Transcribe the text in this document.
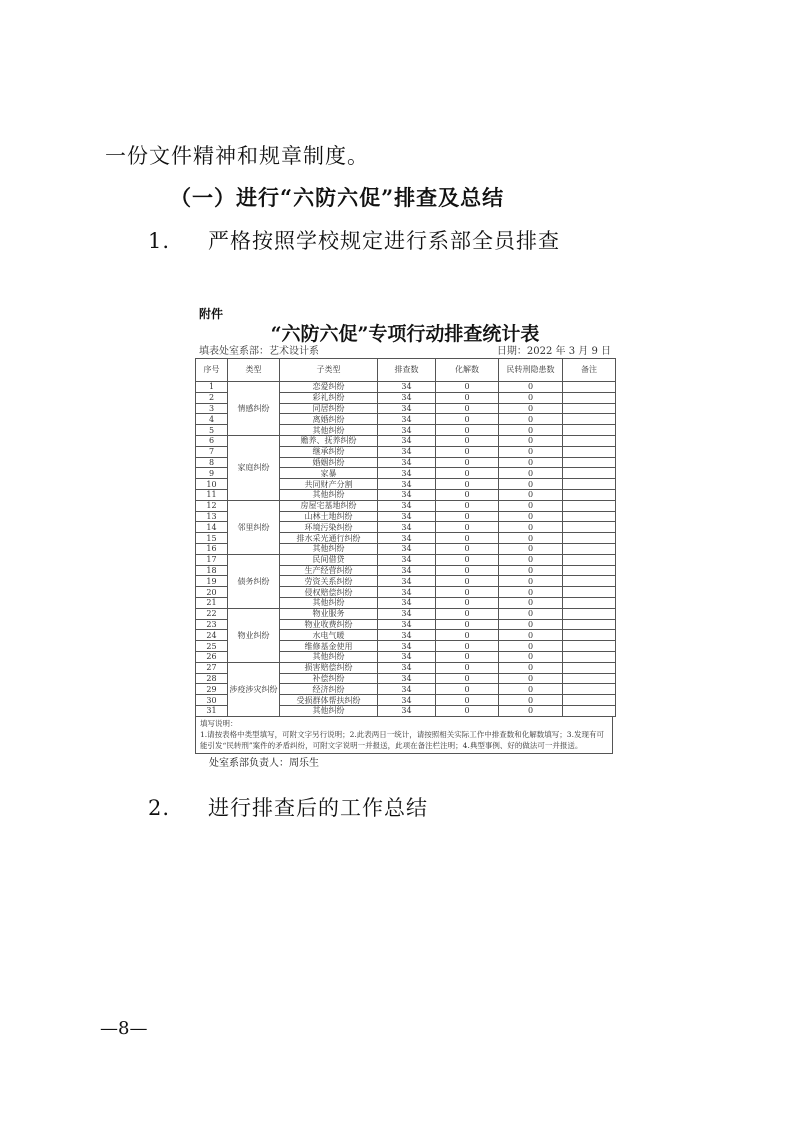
一份文件精神和规章制度。
（一）进行“六防六促”排查及总结
1. 严格按照学校规定进行系部全员排查
附件
“六防六促”专项行动排查统计表
填表处室系部：艺术设计系	日期：2022 年 3 月 9 日
序号	类型	子类型	排查数	化解数	民转刑隐患数	备注
1	情感纠纷	恋爱纠纷	34	0	0	
2		彩礼纠纷	34	0	0	
3		同居纠纷	34	0	0	
4		离婚纠纷	34	0	0	
5		其他纠纷	34	0	0	
6	家庭纠纷	赡养、抚养纠纷	34	0	0	
7		继承纠纷	34	0	0	
8		婚姻纠纷	34	0	0	
9		家暴	34	0	0	
10		共同财产分割	34	0	0	
11		其他纠纷	34	0	0	
12	邻里纠纷	房屋宅基地纠纷	34	0	0	
13		山林土地纠纷	34	0	0	
14		环境污染纠纷	34	0	0	
15		排水采光通行纠纷	34	0	0	
16		其他纠纷	34	0	0	
17	债务纠纷	民间借贷	34	0	0	
18		生产经营纠纷	34	0	0	
19		劳资关系纠纷	34	0	0	
20		侵权赔偿纠纷	34	0	0	
21		其他纠纷	34	0	0	
22	物业纠纷	物业服务	34	0	0	
23		物业收费纠纷	34	0	0	
24		水电气暖	34	0	0	
25		维修基金使用	34	0	0	
26		其他纠纷	34	0	0	
27	涉疫涉灾纠纷	损害赔偿纠纷	34	0	0	
28		补偿纠纷	34	0	0	
29		经济纠纷	34	0	0	
30		受损群体帮扶纠纷	34	0	0	
31		其他纠纷	34	0	0	
填写说明：
1.请按表格中类型填写，可附文字另行说明；2.此表两日一统计，请按照相关实际工作中排查数和化解数填写；3.发现有可能引发“民转刑”案件的矛盾纠纷，可附文字说明一并报送，此项在备注栏注明；4.典型事例、好的做法可一并报送。
处室系部负责人：周乐生
2. 进行排查后的工作总结
—8—
